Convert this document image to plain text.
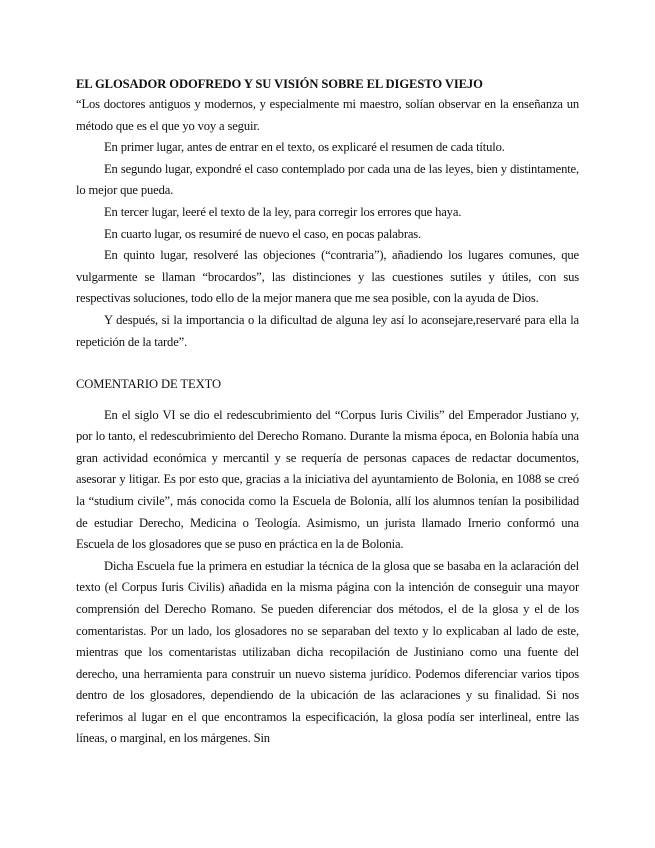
EL GLOSADOR ODOFREDO Y SU VISIÓN SOBRE EL DIGESTO VIEJO

“Los doctores antiguos y modernos, y especialmente mi maestro, solían observar en la enseñanza un método que es el que yo voy a seguir.

En primer lugar, antes de entrar en el texto, os explicaré el resumen de cada título.

En segundo lugar, expondré el caso contemplado por cada una de las leyes, bien y distintamente, lo mejor que pueda.

En tercer lugar, leeré el texto de la ley, para corregir los errores que haya.

En cuarto lugar, os resumiré de nuevo el caso, en pocas palabras.

En quinto lugar, resolveré las objeciones (“contraria”), añadiendo los lugares comunes, que vulgarmente se llaman “brocardos”, las distinciones y las cuestiones sutiles y útiles, con sus respectivas soluciones, todo ello de la mejor manera que me sea posible, con la ayuda de Dios.

Y después, si la importancia o la dificultad de alguna ley así lo aconsejare,reservaré para ella la repetición de la tarde”.

COMENTARIO DE TEXTO

En el siglo VI se dio el redescubrimiento del “Corpus Iuris Civilis” del Emperador Justiano y, por lo tanto, el redescubrimiento del Derecho Romano. Durante la misma época, en Bolonia había una gran actividad económica y mercantil y se requería de personas capaces de redactar documentos, asesorar y litigar. Es por esto que, gracias a la iniciativa del ayuntamiento de Bolonia, en 1088 se creó la “studium civile”, más conocida como la Escuela de Bolonia, allí los alumnos tenían la posibilidad de estudiar Derecho, Medicina o Teología. Asimismo, un jurista llamado Irnerio conformó una Escuela de los glosadores que se puso en práctica en la de Bolonia.

Dicha Escuela fue la primera en estudiar la técnica de la glosa que se basaba en la aclaración del texto (el Corpus Iuris Civilis) añadida en la misma página con la intención de conseguir una mayor comprensión del Derecho Romano. Se pueden diferenciar dos métodos, el de la glosa y el de los comentaristas. Por un lado, los glosadores no se separaban del texto y lo explicaban al lado de este, mientras que los comentaristas utilizaban dicha recopilación de Justiniano como una fuente del derecho, una herramienta para construir un nuevo sistema jurídico. Podemos diferenciar varios tipos dentro de los glosadores, dependiendo de la ubicación de las aclaraciones y su finalidad. Si nos referimos al lugar en el que encontramos la especificación, la glosa podía ser interlineal, entre las líneas, o marginal, en los márgenes. Sin
